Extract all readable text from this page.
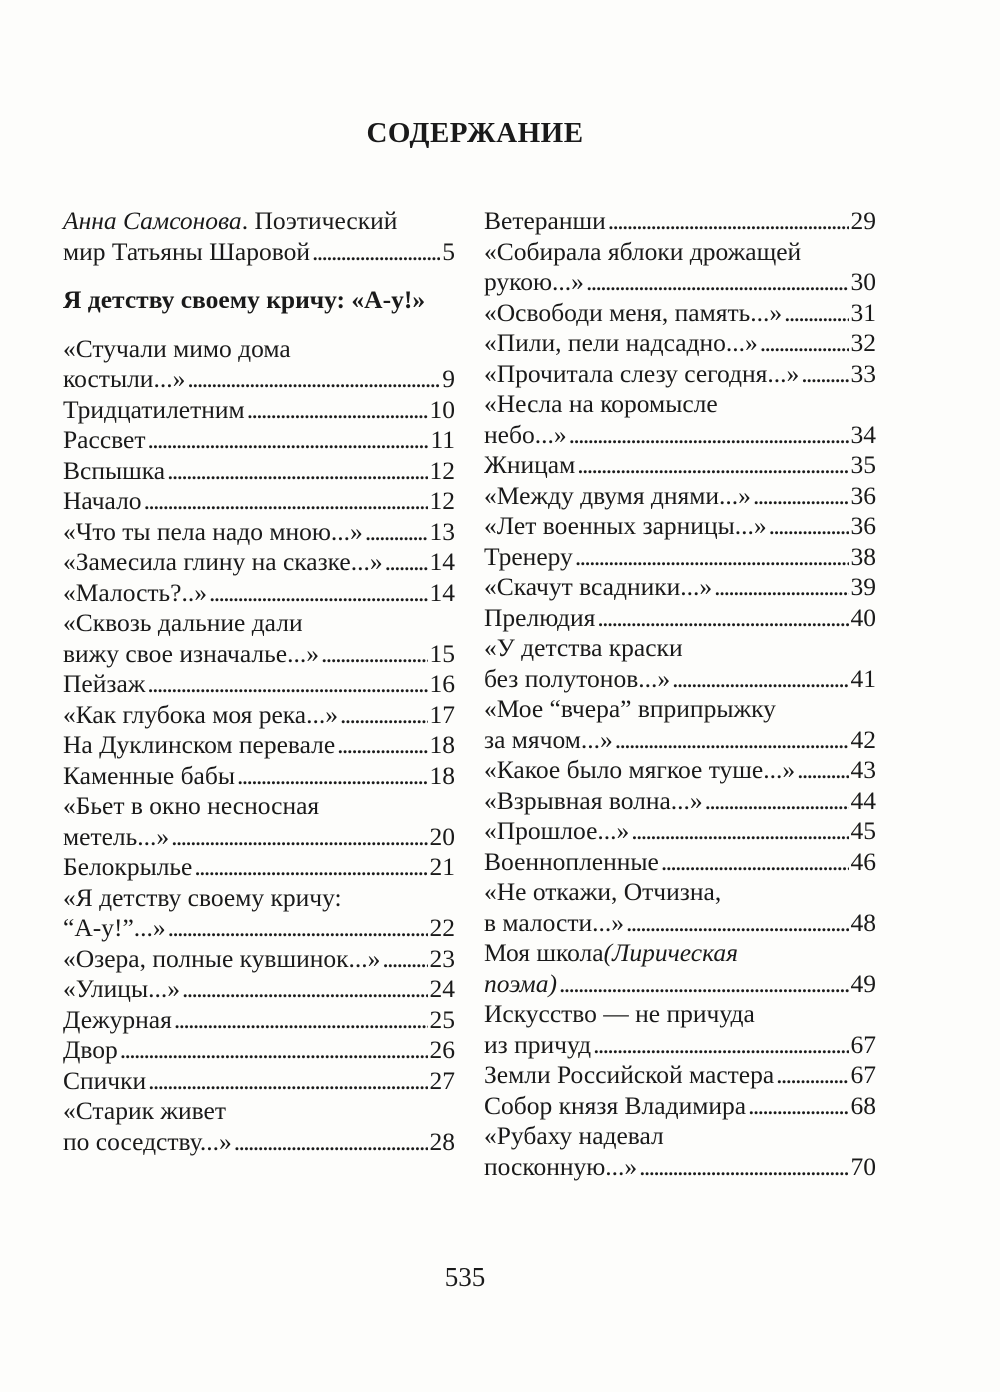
СОДЕРЖАНИЕ
Анна Самсонова . Поэтический
мир Татьяны Шаровой . . .	5
Я детству своему кричу: «А-у!»
«Стучали мимо дома
костыли...» . . .	9
Тридцатилетним . . .	10
Рассвет . . .	11
Вспышка . . .	12
Начало . . .	12
«Что ты пела надо мною...» . . .	13
«Замесила глину на сказке...» . . . 14
«Малость?..» . . .	14
«Сквозь дальние дали
вижу свое изначалье...» . . .	15
Пейзаж . . .	16
«Как глубока моя река...» . . .	17
На Дуклинском перевале . . .	18
Каменные бабы . . .	18
«Бьет в окно несносная
метель...» . . .	20
Белокрылье . . .	21
«Я детству своему кричу:
“А-у!”...» . . .	22
«Озера, полные кувшинок...» . . . 23
«Улицы...» . . .	24
Дежурная . . .	25
Двор . . .	26
Спички . . .	27
«Старик живет
по соседству...» . . .	28
Ветеранши . . .	29
«Собирала яблоки дрожащей
рукою...» . . .	30
«Освободи меня, память...» . . .	31
«Пили, пели надсадно...» . . .	32
«Прочитала слезу сегодня...» . . . 33
«Несла на коромысле
небо...» . . .	34
Жницам . . .	35
«Между двумя днями...» . . .	36
«Лет военных зарницы...» . . .	36
Тренеру . . .	38
«Скачут всадники...» . . .	39
Прелюдия . . .	40
«У детства краски
без полутонов...» . . .	41
«Мое “вчера” вприпрыжку
за мячом...» . . .	42
«Какое было мягкое туше...» . . . 43
«Взрывная волна...» . . .	44
«Прошлое...» . . .	45
Военнопленные . . .	46
«Не откажи, Отчизна,
в малости...» . . .	48
Моя школа (Лирическая
поэма) . . .	49
Искусство — не причуда
из причуд . . .	67
Земли Российской мастера . . .	67
Собор князя Владимира . . .	68
«Рубаху надевал
посконную...» . . .	70
535
